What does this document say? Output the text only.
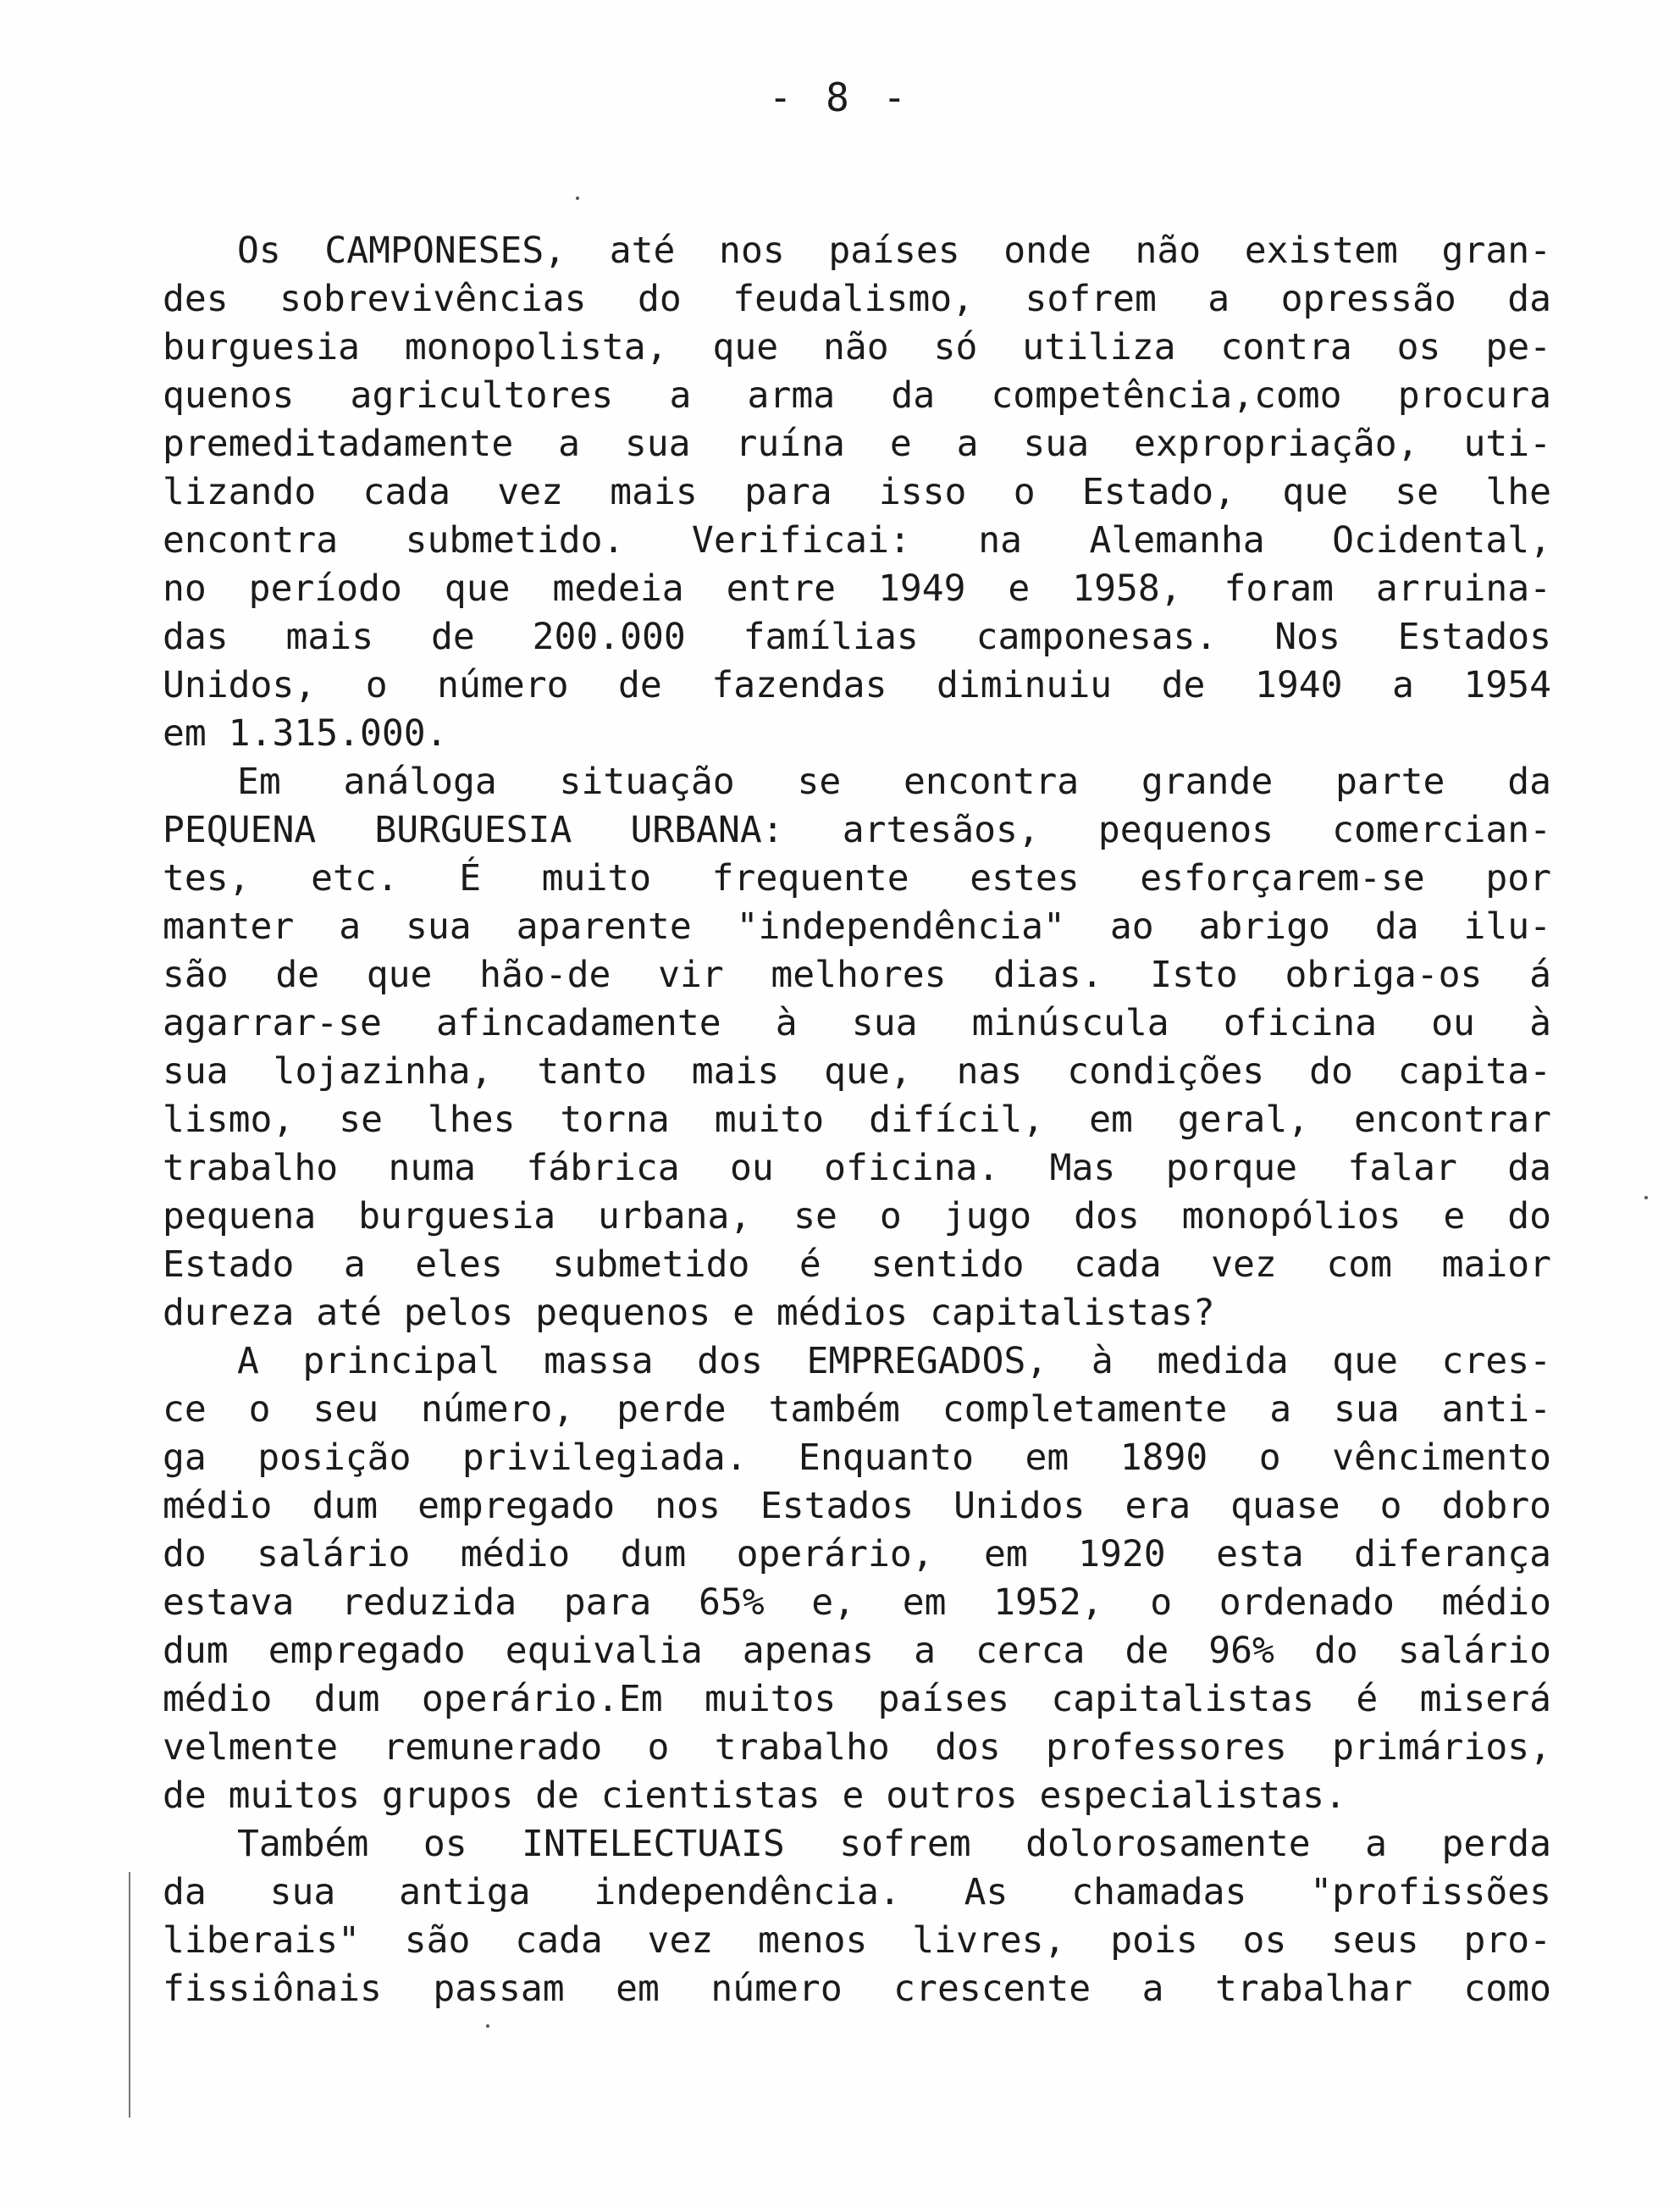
- 8 -
Os CAMPONESES, até nos países onde não existem gran-
des sobrevivências do feudalismo, sofrem a opressão da
burguesia monopolista, que não só utiliza contra os pe-
quenos agricultores a arma da competência,como procura
premeditadamente a sua ruína e a sua expropriação, uti-
lizando cada vez mais para isso o Estado, que se lhe
encontra submetido. Verificai: na Alemanha Ocidental,
no período que medeia entre 1949 e 1958, foram arruina-
das mais de 200.000 famílias camponesas. Nos Estados
Unidos, o número de fazendas diminuiu de 1940 a 1954
em 1.315.000.
Em análoga situação se encontra grande parte da
PEQUENA BURGUESIA URBANA: artesãos, pequenos comercian-
tes, etc. É muito frequente estes esforçarem-se por
manter a sua aparente "independência" ao abrigo da ilu-
são de que hão-de vir melhores dias. Isto obriga-os á
agarrar-se afincadamente à sua minúscula oficina ou à
sua lojazinha, tanto mais que, nas condições do capita-
lismo, se lhes torna muito difícil, em geral, encontrar
trabalho numa fábrica ou oficina. Mas porque falar da
pequena burguesia urbana, se o jugo dos monopólios e do
Estado a eles submetido é sentido cada vez com maior
dureza até pelos pequenos e médios capitalistas?
A principal massa dos EMPREGADOS, à medida que cres-
ce o seu número, perde também completamente a sua anti-
ga posição privilegiada. Enquanto em 1890 o vêncimento
médio dum empregado nos Estados Unidos era quase o dobro
do salário médio dum operário, em 1920 esta diferança
estava reduzida para 65% e, em 1952, o ordenado médio
dum empregado equivalia apenas a cerca de 96% do salário
médio dum operário.Em muitos países capitalistas é miserá
velmente remunerado o trabalho dos professores primários,
de muitos grupos de cientistas e outros especialistas.
Também os INTELECTUAIS sofrem dolorosamente a perda
da sua antiga independência. As chamadas "profissões
liberais" são cada vez menos livres, pois os seus pro-
fissiônais passam em número crescente a trabalhar como
